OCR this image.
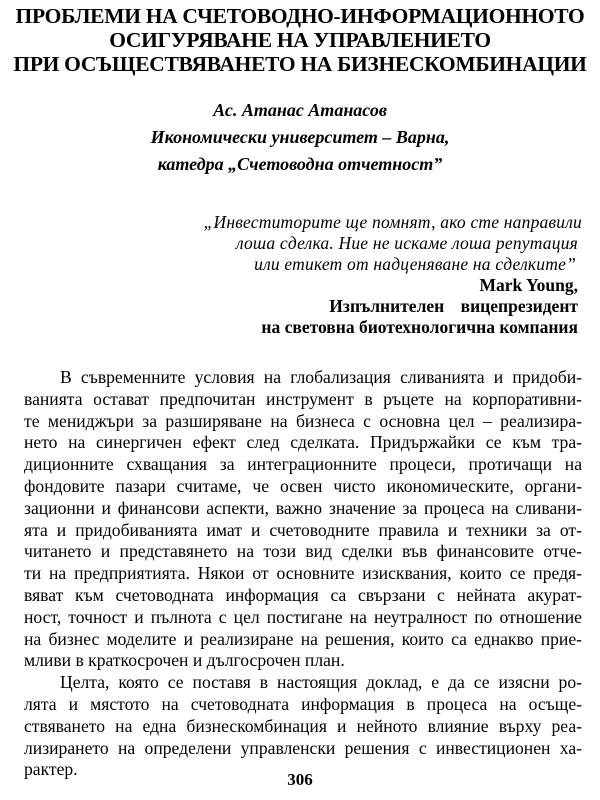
ПРОБЛЕМИ НА СЧЕТОВОДНО-ИНФОРМАЦИОННОТО
ОСИГУРЯВАНЕ НА УПРАВЛЕНИЕТО
ПРИ ОСЪЩЕСТВЯВАНЕТО НА БИЗНЕСКОМБИНАЦИИ
Ас. Атанас Атанасов
Икономически университет – Варна,
катедра „Счетоводна отчетност”
„Инвеститорите ще помнят, ако сте направили
лоша сделка. Ние не искаме лоша репутация
или етикет от надценяване на сделките”
Mark Young,
Изпълнителен вицепрезидент
на световна биотехнологична компания
В съвременните условия на глобализация сливанията и придоби-
ванията остават предпочитан инструмент в ръцете на корпоративни-
те мениджъри за разширяване на бизнеса с основна цел – реализира-
нето на синергичен ефект след сделката. Придържайки се към тра-
диционните схващания за интеграционните процеси, протичащи на
фондовите пазари считаме, че освен чисто икономическите, органи-
зационни и финансови аспекти, важно значение за процеса на сливани-
ята и придобиванията имат и счетоводните правила и техники за от-
читането и представянето на този вид сделки във финансовите отче-
ти на предприятията. Някои от основните изисквания, които се предя-
вяват към счетоводната информация са свързани с нейната акурат-
ност, точност и пълнота с цел постигане на неутралност по отношение
на бизнес моделите и реализиране на решения, които са еднакво прие-
мливи в краткосрочен и дългосрочен план.
Целта, която се поставя в настоящия доклад, е да се изясни ро-
лята и мястото на счетоводната информация в процеса на осъще-
ствяването на една бизнескомбинация и нейното влияние върху реа-
лизирането на определени управленски решения с инвестиционен ха-
рактер.
306
